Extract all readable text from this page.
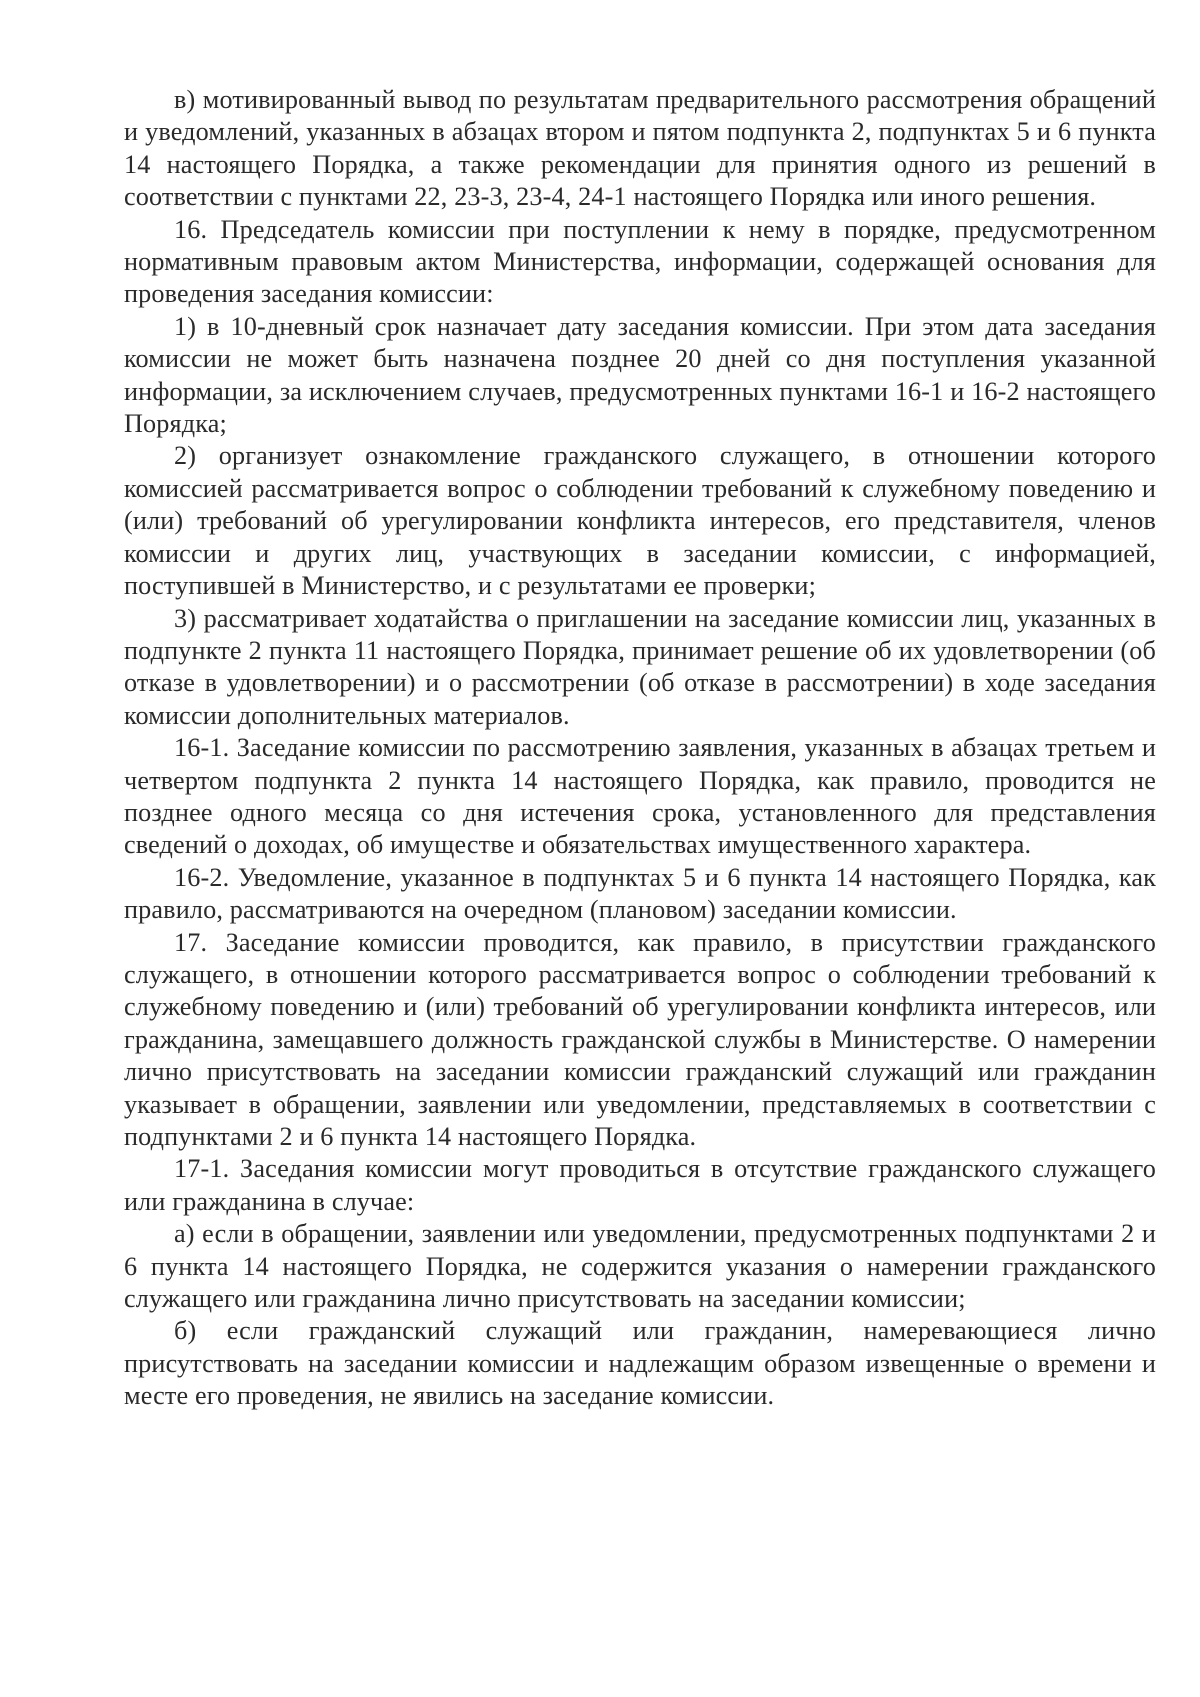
в) мотивированный вывод по результатам предварительного рассмотрения обращений и уведомлений, указанных в абзацах втором и пятом подпункта 2, подпунктах 5 и 6 пункта 14 настоящего Порядка, а также рекомендации для принятия одного из решений в соответствии с пунктами 22, 23-3, 23-4, 24-1 настоящего Порядка или иного решения.

16. Председатель комиссии при поступлении к нему в порядке, предусмотренном нормативным правовым актом Министерства, информации, содержащей основания для проведения заседания комиссии:

1) в 10-дневный срок назначает дату заседания комиссии. При этом дата заседания комиссии не может быть назначена позднее 20 дней со дня поступления указанной информации, за исключением случаев, предусмотренных пунктами 16-1 и 16-2 настоящего Порядка;

2) организует ознакомление гражданского служащего, в отношении которого комиссией рассматривается вопрос о соблюдении требований к служебному поведению и (или) требований об урегулировании конфликта интересов, его представителя, членов комиссии и других лиц, участвующих в заседании комиссии, с информацией, поступившей в Министерство, и с результатами ее проверки;

3) рассматривает ходатайства о приглашении на заседание комиссии лиц, указанных в подпункте 2 пункта 11 настоящего Порядка, принимает решение об их удовлетворении (об отказе в удовлетворении) и о рассмотрении (об отказе в рассмотрении) в ходе заседания комиссии дополнительных материалов.

16-1. Заседание комиссии по рассмотрению заявления, указанных в абзацах третьем и четвертом подпункта 2 пункта 14 настоящего Порядка, как правило, проводится не позднее одного месяца со дня истечения срока, установленного для представления сведений о доходах, об имуществе и обязательствах имущественного характера.

16-2. Уведомление, указанное в подпунктах 5 и 6 пункта 14 настоящего Порядка, как правило, рассматриваются на очередном (плановом) заседании комиссии.

17. Заседание комиссии проводится, как правило, в присутствии гражданского служащего, в отношении которого рассматривается вопрос о соблюдении требований к служебному поведению и (или) требований об урегулировании конфликта интересов, или гражданина, замещавшего должность гражданской службы в Министерстве. О намерении лично присутствовать на заседании комиссии гражданский служащий или гражданин указывает в обращении, заявлении или уведомлении, представляемых в соответствии с подпунктами 2 и 6 пункта 14 настоящего Порядка.

17-1. Заседания комиссии могут проводиться в отсутствие гражданского служащего или гражданина в случае:

а) если в обращении, заявлении или уведомлении, предусмотренных подпунктами 2 и 6 пункта 14 настоящего Порядка, не содержится указания о намерении гражданского служащего или гражданина лично присутствовать на заседании комиссии;

б) если гражданский служащий или гражданин, намеревающиеся лично присутствовать на заседании комиссии и надлежащим образом извещенные о времени и месте его проведения, не явились на заседание комиссии.
